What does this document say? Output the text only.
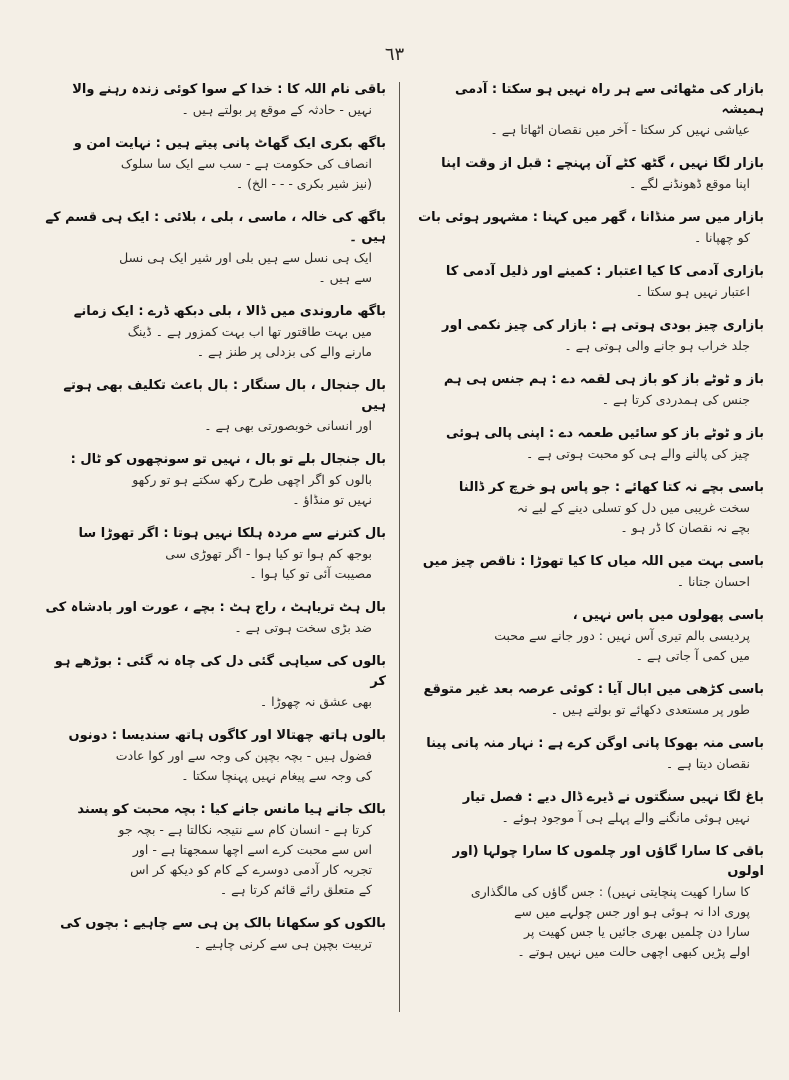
٦٣
بازار کی مٹھائی سے ہر راہ نہیں ہو سکتا : آدمی ہمیشہ
عیاشی نہیں کر سکتا - آخر میں نقصان اٹھاتا ہے ۔
بازار لگا نہیں ، گٹھ کٹے آن پہنچے : قبل از وقت اپنا
اپنا موقع ڈھونڈنے لگے ۔
بازار میں سر منڈانا ، گھر میں کہنا : مشہور ہوئی بات
کو چھپانا ۔
بازاری آدمی کا کیا اعتبار : کمینے اور ذلیل آدمی کا
اعتبار نہیں ہو سکتا ۔
بازاری چیز بودی ہوتی ہے : بازار کی چیز نکمی اور
جلد خراب ہو جانے والی ہوتی ہے ۔
باز و ٹوٹے باز کو باز ہی لقمہ دے : ہم جنس ہی ہم
جنس کی ہمدردی کرتا ہے ۔
باز و ٹوٹے باز کو سائیں طعمہ دے : اپنی پالی ہوئی
چیز کی پالنے والے ہی کو محبت ہوتی ہے ۔
باسی بچے نہ کتا کھائے : جو پاس ہو خرچ کر ڈالنا
سخت غریبی میں دل کو تسلی دینے کے لیے نہ
بچے نہ نقصان کا ڈر ہو ۔
باسی بہت میں اللہ میاں کا کیا تھوڑا : ناقص چیز میں
احسان جتانا ۔
باسی پھولوں میں باس نہیں ،
پردیسی بالم تیری آس نہیں : دور جانے سے محبت
میں کمی آ جاتی ہے ۔
باسی کڑھی میں ابال آیا : کوئی عرصہ بعد غیر متوقع
طور پر مستعدی دکھائے تو بولتے ہیں ۔
باسی منہ بھوکا پانی اوگن کرے ہے : نہار منہ پانی پینا
نقصان دیتا ہے ۔
باغ لگا نہیں سنگتوں نے ڈیرے ڈال دیے : فصل تیار
نہیں ہوئی مانگنے والے پہلے ہی آ موجود ہوئے ۔
باقی کا سارا گاؤں اور چلموں کا سارا چولہا (اور اولوں
کا سارا کھیت پنچایتی نہیں) : جس گاؤں کی مالگذاری
پوری ادا نہ ہوئی ہو اور جس چولہے میں سے
سارا دن چلمیں بھری جائیں یا جس کھیت پر
اولے پڑیں کبھی اچھی حالت میں نہیں ہوتے ۔
باقی نام اللہ کا : خدا کے سوا کوئی زندہ رہنے والا
نہیں - حادثہ کے موقع پر بولتے ہیں ۔
باگھ بکری ایک گھاٹ پانی پیتے ہیں : نہایت امن و
انصاف کی حکومت ہے - سب سے ایک سا سلوک
(نیز شیر بکری - - - الخ) ۔
باگھ کی خالہ ، ماسی ، بلی ، بلائی : ایک ہی قسم کے ہیں ۔
ایک ہی نسل سے ہیں بلی اور شیر ایک ہی نسل
سے ہیں ۔
باگھ ماروندی میں ڈالا ، بلی دبکھ ڈرے : ایک زمانے
میں بہت طاقتور تھا اب بہت کمزور ہے ۔ ڈینگ
مارنے والے کی بزدلی پر طنز ہے ۔
بال جنجال ، بال سنگار : بال باعث تکلیف بھی ہوتے ہیں
اور انسانی خوبصورتی بھی ہے ۔
بال جنجال بلے تو بال ، نہیں تو سونچھوں کو ٹال :
بالوں کو اگر اچھی طرح رکھ سکتے ہو تو رکھو
نہیں تو منڈاؤ ۔
بال کترنے سے مردہ ہلکا نہیں ہوتا : اگر تھوڑا سا
بوجھ کم ہوا تو کیا ہوا - اگر تھوڑی سی
مصیبت آئی تو کیا ہوا ۔
بال ہٹ تریاہٹ ، راج ہٹ : بچے ، عورت اور بادشاہ کی
ضد بڑی سخت ہوتی ہے ۔
بالوں کی سیاہی گئی دل کی چاہ نہ گئی : بوڑھے ہو کر
بھی عشق نہ چھوڑا ۔
بالوں ہاتھ چھتالا اور کاگوں ہاتھ سندیسا : دونوں
فضول ہیں - بچہ بچپن کی وجہ سے اور کوا عادت
کی وجہ سے پیغام نہیں پہنچا سکتا ۔
بالک جانے ہیا مانس جانے کیا : بچہ محبت کو پسند
کرتا ہے - انسان کام سے نتیجہ نکالتا ہے - بچہ جو
اس سے محبت کرے اسے اچھا سمجھتا ہے - اور
تجربہ کار آدمی دوسرے کے کام کو دیکھ کر اس
کے متعلق رائے قائم کرتا ہے ۔
بالکوں کو سکھانا بالک پن ہی سے چاہیے : بچوں کی
تربیت بچپن ہی سے کرنی چاہیے ۔
